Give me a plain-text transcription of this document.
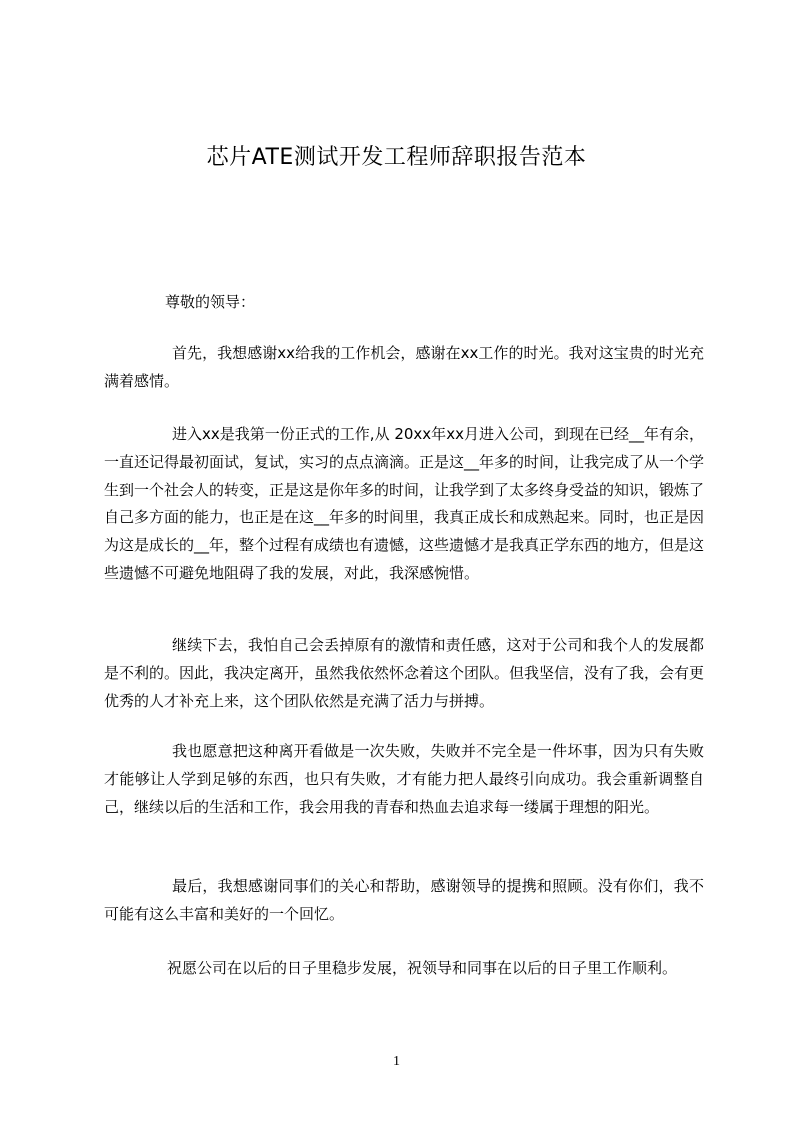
芯片ATE测试开发工程师辞职报告范本
尊敬的领导：

首先，我想感谢xx给我的工作机会，感谢在xx工作的时光。我对这宝贵的时光充满着感情。

进入xx是我第一份正式的工作,从 20xx年xx月进入公司，到现在已经__年有余，一直还记得最初面试，复试，实习的点点滴滴。正是这__年多的时间，让我完成了从一个学生到一个社会人的转变，正是这是你年多的时间，让我学到了太多终身受益的知识，锻炼了自己多方面的能力，也正是在这__年多的时间里，我真正成长和成熟起来。同时，也正是因为这是成长的__年，整个过程有成绩也有遗憾，这些遗憾才是我真正学东西的地方，但是这些遗憾不可避免地阻碍了我的发展，对此，我深感惋惜。

继续下去，我怕自己会丢掉原有的激情和责任感，这对于公司和我个人的发展都是不利的。因此，我决定离开，虽然我依然怀念着这个团队。但我坚信，没有了我，会有更优秀的人才补充上来，这个团队依然是充满了活力与拼搏。

我也愿意把这种离开看做是一次失败，失败并不完全是一件坏事，因为只有失败才能够让人学到足够的东西，也只有失败，才有能力把人最终引向成功。我会重新调整自己，继续以后的生活和工作，我会用我的青春和热血去追求每一缕属于理想的阳光。

最后，我想感谢同事们的关心和帮助，感谢领导的提携和照顾。没有你们，我不可能有这么丰富和美好的一个回忆。

祝愿公司在以后的日子里稳步发展，祝领导和同事在以后的日子里工作顺利。
1
